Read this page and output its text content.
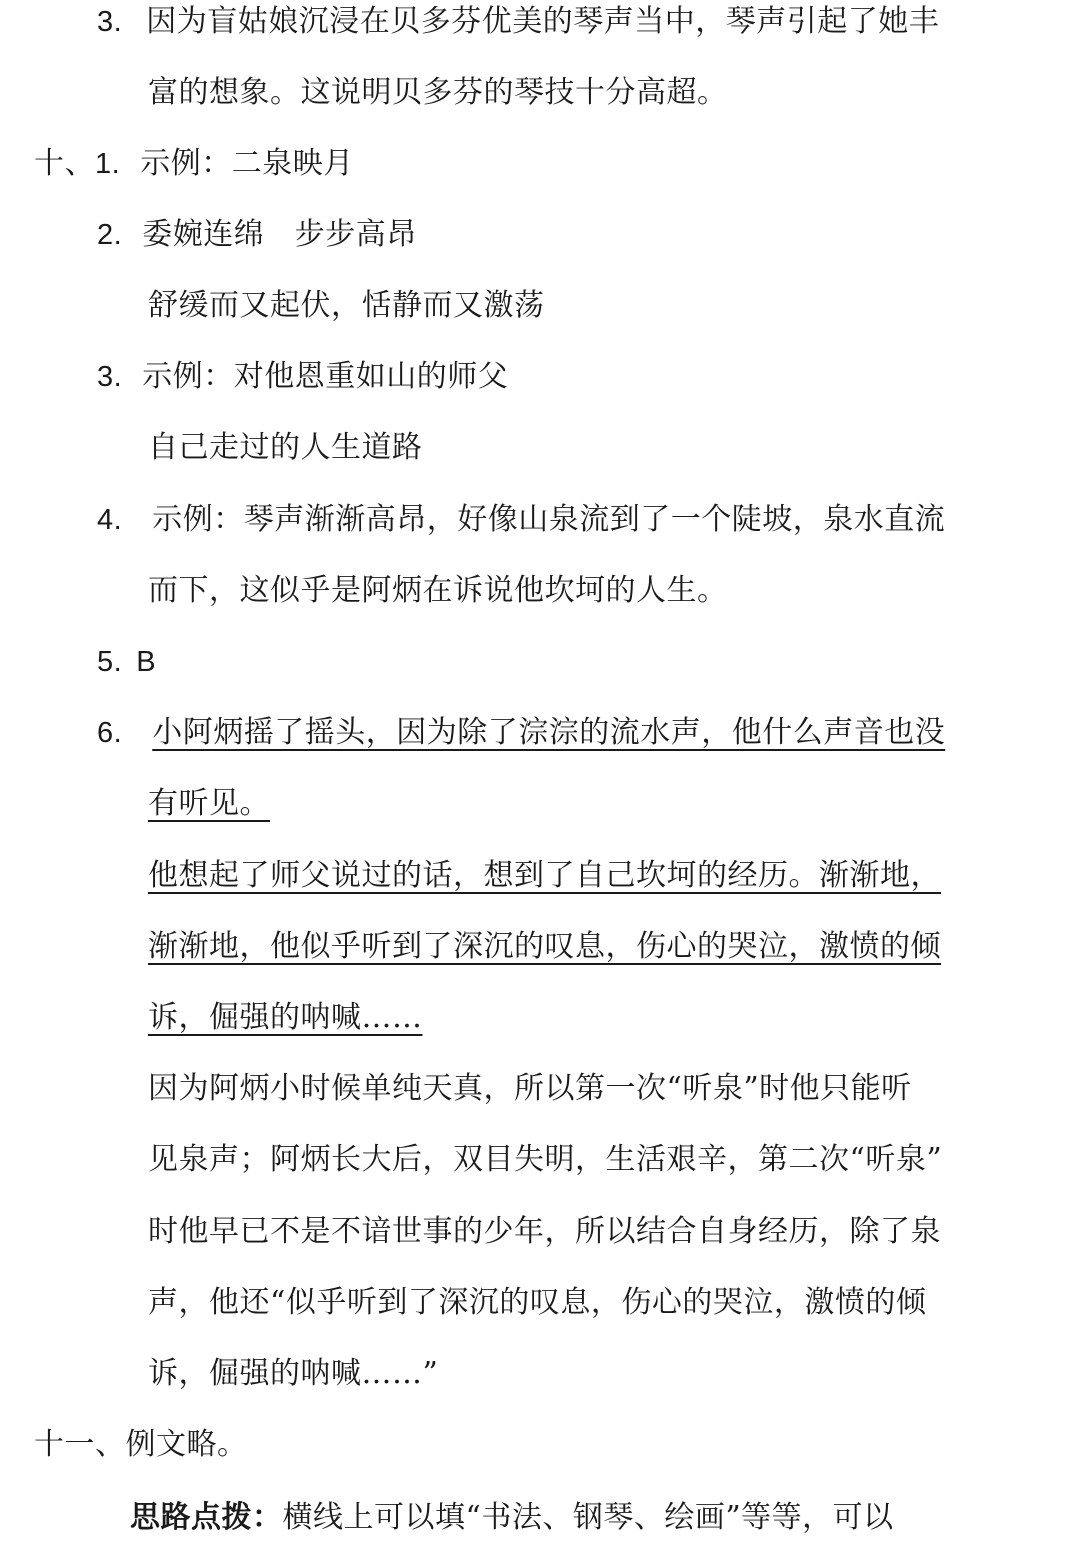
3. 因为盲姑娘沉浸在贝多芬优美的琴声当中，琴声引起了她丰
富的想象。这说明贝多芬的琴技十分高超。
十、1. 示例：二泉映月
2. 委婉连绵　步步高昂
舒缓而又起伏，恬静而又激荡
3. 示例：对他恩重如山的师父
自己走过的人生道路
4. 示例：琴声渐渐高昂，好像山泉流到了一个陡坡，泉水直流
而下，这似乎是阿炳在诉说他坎坷的人生。
5. B
6. 小阿炳摇了摇头，因为除了淙淙的流水声，他什么声音也没
有听见。
他想起了师父说过的话，想到了自己坎坷的经历。渐渐地，
渐渐地，他似乎听到了深沉的叹息，伤心的哭泣，激愤的倾
诉，倔强的呐喊……
因为阿炳小时候单纯天真，所以第一次“听泉”时他只能听
见泉声；阿炳长大后，双目失明，生活艰辛，第二次“听泉”
时他早已不是不谙世事的少年，所以结合自身经历，除了泉
声，他还“似乎听到了深沉的叹息，伤心的哭泣，激愤的倾
诉，倔强的呐喊……”
十一、例文略。
思路点拨：横线上可以填“书法、钢琴、绘画”等等，可以
